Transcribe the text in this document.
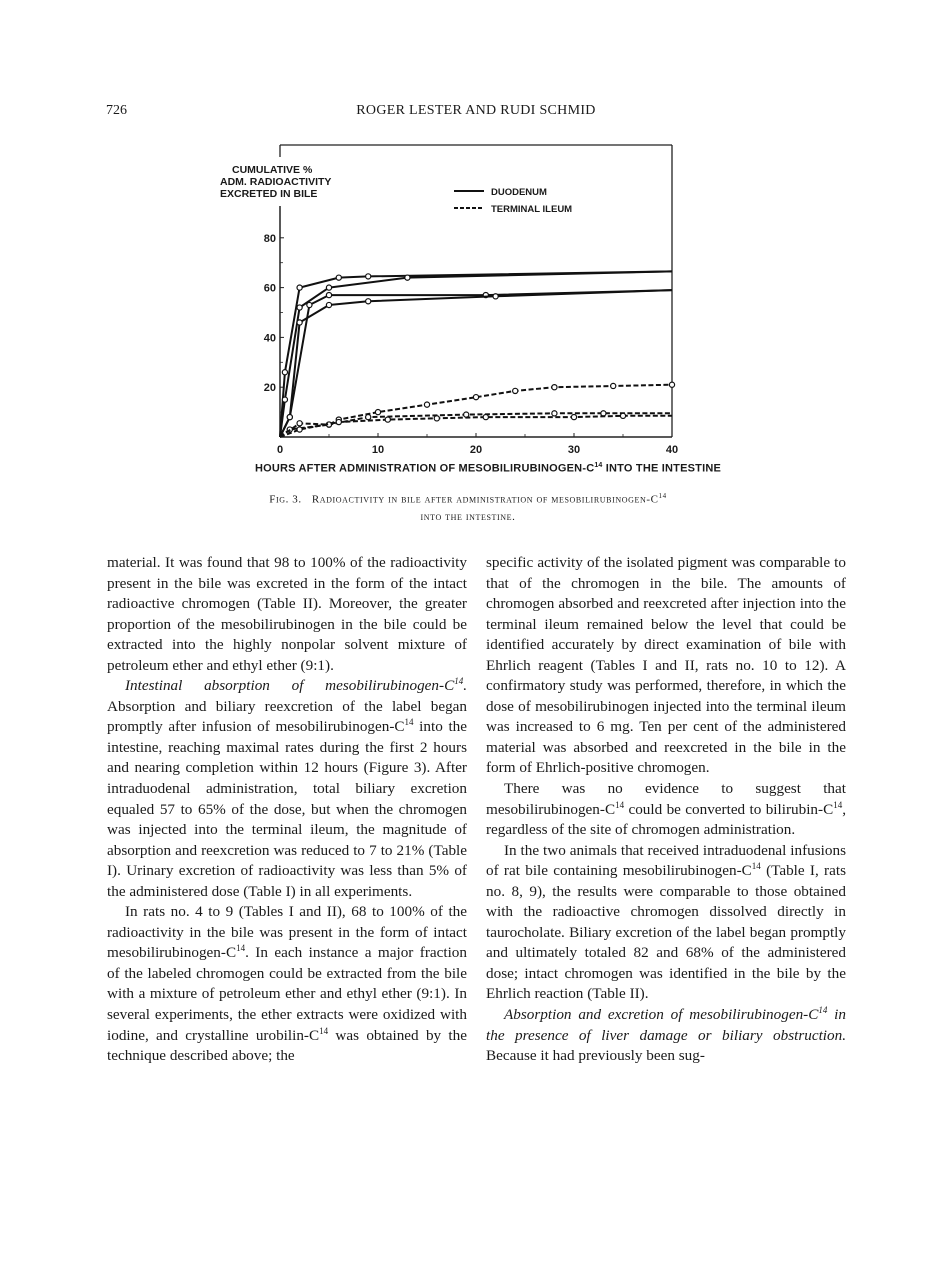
726	ROGER LESTER AND RUDI SCHMID
CUMULATIVE %
ADM. RADIOACTIVITY
EXCRETED IN BILE	DUODENUM
TERMINAL ILEUM
20
40
60
80
0	10	20	30	40
HOURS AFTER ADMINISTRATION OF MESOBILIRUBINOGEN-$C^{14}$ INTO THE INTESTINE
Fig. 3. Radioactivity in bile after administration of mesobilirubinogen-$C^{14}$
into the intestine.

material. It was found that 98 to 100% of the radioactivity present in the bile was excreted in the form of the intact radioactive chromogen (Table II). Moreover, the greater proportion of the mesobilirubinogen in the bile could be extracted into the highly nonpolar solvent mixture of petroleum ether and ethyl ether (9:1).

Intestinal absorption of mesobilirubinogen-$C^{14}$. Absorption and biliary reexcretion of the label began promptly after infusion of mesobilirubinogen-$C^{14}$ into the intestine, reaching maximal rates during the first 2 hours and nearing completion within 12 hours (Figure 3). After intraduodenal administration, total biliary excretion equaled 57 to 65% of the dose, but when the chromogen was injected into the terminal ileum, the magnitude of absorption and reexcretion was reduced to 7 to 21% (Table I). Urinary excretion of radioactivity was less than 5% of the administered dose (Table I) in all experiments.

In rats no. 4 to 9 (Tables I and II), 68 to 100% of the radioactivity in the bile was present in the form of intact mesobilirubinogen-$C^{14}$. In each instance a major fraction of the labeled chromogen could be extracted from the bile with a mixture of petroleum ether and ethyl ether (9:1). In several experiments, the ether extracts were oxidized with iodine, and crystalline urobilin-$C^{14}$ was obtained by the technique described above; the

specific activity of the isolated pigment was comparable to that of the chromogen in the bile. The amounts of chromogen absorbed and reexcreted after injection into the terminal ileum remained below the level that could be identified accurately by direct examination of bile with Ehrlich reagent (Tables I and II, rats no. 10 to 12). A confirmatory study was performed, therefore, in which the dose of mesobilirubinogen injected into the terminal ileum was increased to 6 mg. Ten per cent of the administered material was absorbed and reexcreted in the bile in the form of Ehrlich-positive chromogen.

There was no evidence to suggest that mesobilirubinogen-$C^{14}$ could be converted to bilirubin-$C^{14}$, regardless of the site of chromogen administration.

In the two animals that received intraduodenal infusions of rat bile containing mesobilirubinogen-$C^{14}$ (Table I, rats no. 8, 9), the results were comparable to those obtained with the radioactive chromogen dissolved directly in taurocholate. Biliary excretion of the label began promptly and ultimately totaled 82 and 68% of the administered dose; intact chromogen was identified in the bile by the Ehrlich reaction (Table II).

Absorption and excretion of mesobilirubinogen-$C^{14}$ in the presence of liver damage or biliary obstruction. Because it had previously been sug-
